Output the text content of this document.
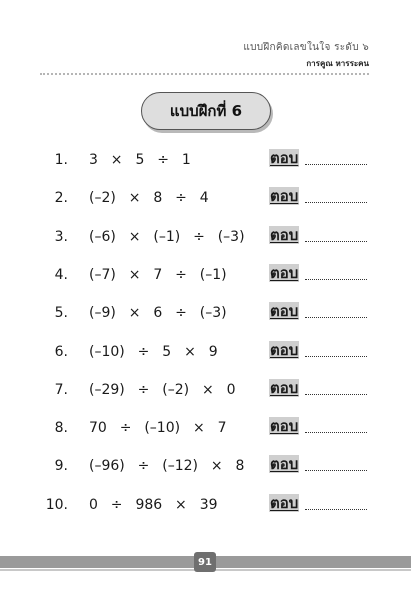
แบบฝึกคิดเลขในใจ ระดับ ๖
การคูณ หารระคน
แบบฝึกที่ 6
1. 3  ×  5  ÷  1	ตอบ
2. (–2)  ×  8  ÷  4	ตอบ
3. (–6)  ×  (–1)  ÷  (–3) ตอบ
4. (–7)  ×  7  ÷  (–1)	ตอบ
5. (–9)  ×  6  ÷  (–3)	ตอบ
6. (–10)  ÷  5  ×  9	ตอบ
7. (–29)  ÷  (–2)  ×  0 ตอบ
8. 70  ÷  (–10)  ×  7	ตอบ
9. (–96)  ÷  (–12)  ×  8 ตอบ
10. 0  ÷  986  ×  39	ตอบ
91
